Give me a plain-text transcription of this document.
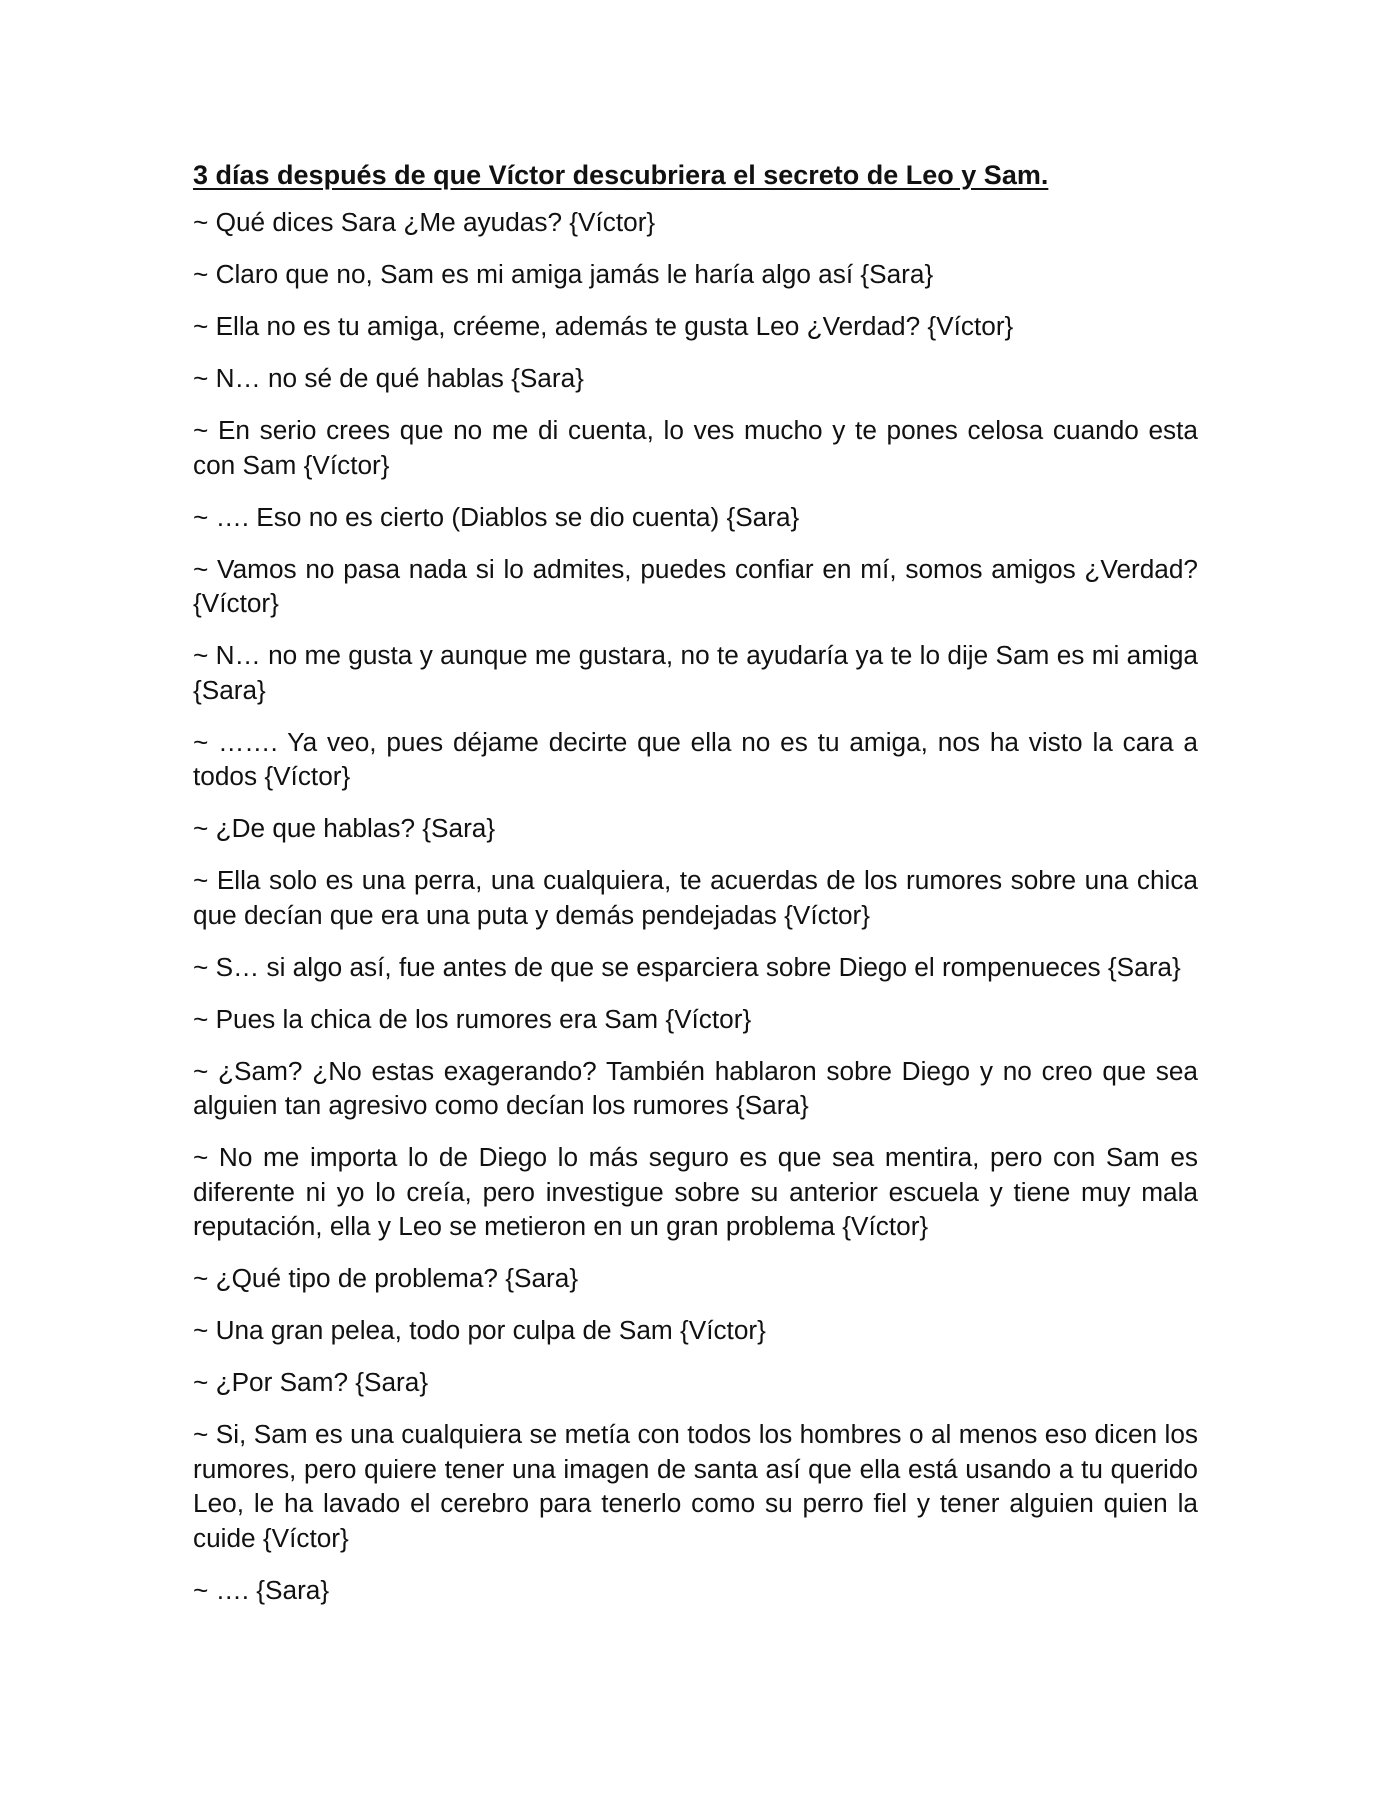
3 días después de que Víctor descubriera el secreto de Leo y Sam.

~ Qué dices Sara ¿Me ayudas? {Víctor}

~ Claro que no, Sam es mi amiga jamás le haría algo así {Sara}

~ Ella no es tu amiga, créeme, además te gusta Leo ¿Verdad? {Víctor}

~ N… no sé de qué hablas {Sara}

~ En serio crees que no me di cuenta, lo ves mucho y te pones celosa cuando esta con Sam {Víctor}

~ …. Eso no es cierto (Diablos se dio cuenta) {Sara}

~ Vamos no pasa nada si lo admites, puedes confiar en mí, somos amigos ¿Verdad? {Víctor}

~ N… no me gusta y aunque me gustara, no te ayudaría ya te lo dije Sam es mi amiga {Sara}

~ ……. Ya veo, pues déjame decirte que ella no es tu amiga, nos ha visto la cara a todos {Víctor}

~ ¿De que hablas? {Sara}

~ Ella solo es una perra, una cualquiera, te acuerdas de los rumores sobre una chica que decían que era una puta y demás pendejadas {Víctor}

~ S… si algo así, fue antes de que se esparciera sobre Diego el rompenueces {Sara}

~ Pues la chica de los rumores era Sam {Víctor}

~ ¿Sam? ¿No estas exagerando? También hablaron sobre Diego y no creo que sea alguien tan agresivo como decían los rumores {Sara}

~ No me importa lo de Diego lo más seguro es que sea mentira, pero con Sam es diferente ni yo lo creía, pero investigue sobre su anterior escuela y tiene muy mala reputación, ella y Leo se metieron en un gran problema {Víctor}

~ ¿Qué tipo de problema? {Sara}

~ Una gran pelea, todo por culpa de Sam {Víctor}

~ ¿Por Sam? {Sara}

~ Si, Sam es una cualquiera se metía con todos los hombres o al menos eso dicen los rumores, pero quiere tener una imagen de santa así que ella está usando a tu querido Leo, le ha lavado el cerebro para tenerlo como su perro fiel y tener alguien quien la cuide {Víctor}

~ …. {Sara}
